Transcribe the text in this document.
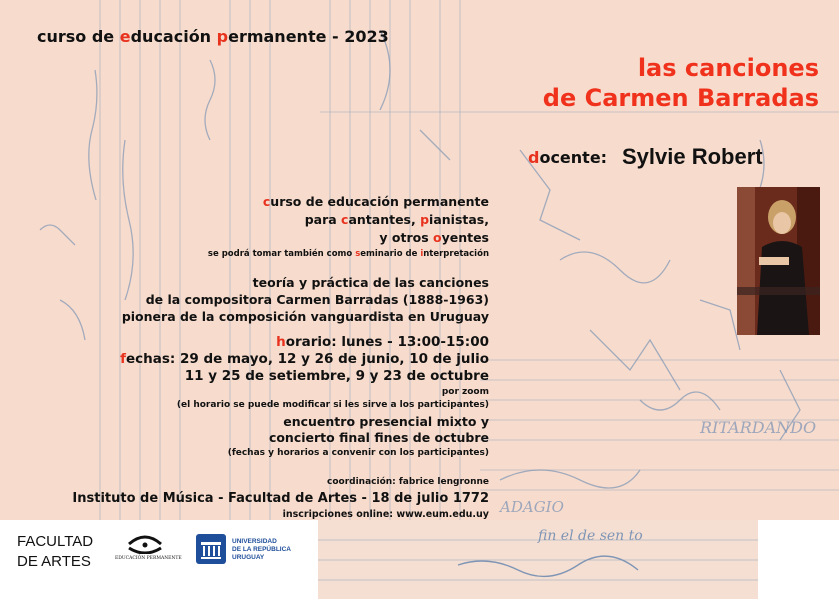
RITARDANDO
ADAGIO
fin el de sen to
curso de educación permanente - 2023
las canciones
de Carmen Barradas
docente: Sylvie Robert
curso de educación permanente
para cantantes, pianistas,
y otros oyentes
se podrá tomar también como seminario de interpretación
teoría y práctica de las canciones
de la compositora Carmen Barradas (1888-1963)
pionera de la composición vanguardista en Uruguay
horario: lunes - 13:00-15:00
fechas: 29 de mayo, 12 y 26 de junio, 10 de julio
11 y 25 de setiembre, 9 y 23 de octubre
por zoom
(el horario se puede modificar si les sirve a los participantes)
encuentro presencial mixto y
concierto final fines de octubre
(fechas y horarios a convenir con los participantes)
coordinación: fabrice lengronne
Instituto de Música - Facultad de Artes - 18 de julio 1772
inscripciones online: www.eum.edu.uy
FACULTAD
DE ARTES	EDUCACIÓN PERMANENTE
UNIVERSIDAD
DE LA REPÚBLICA
URUGUAY
